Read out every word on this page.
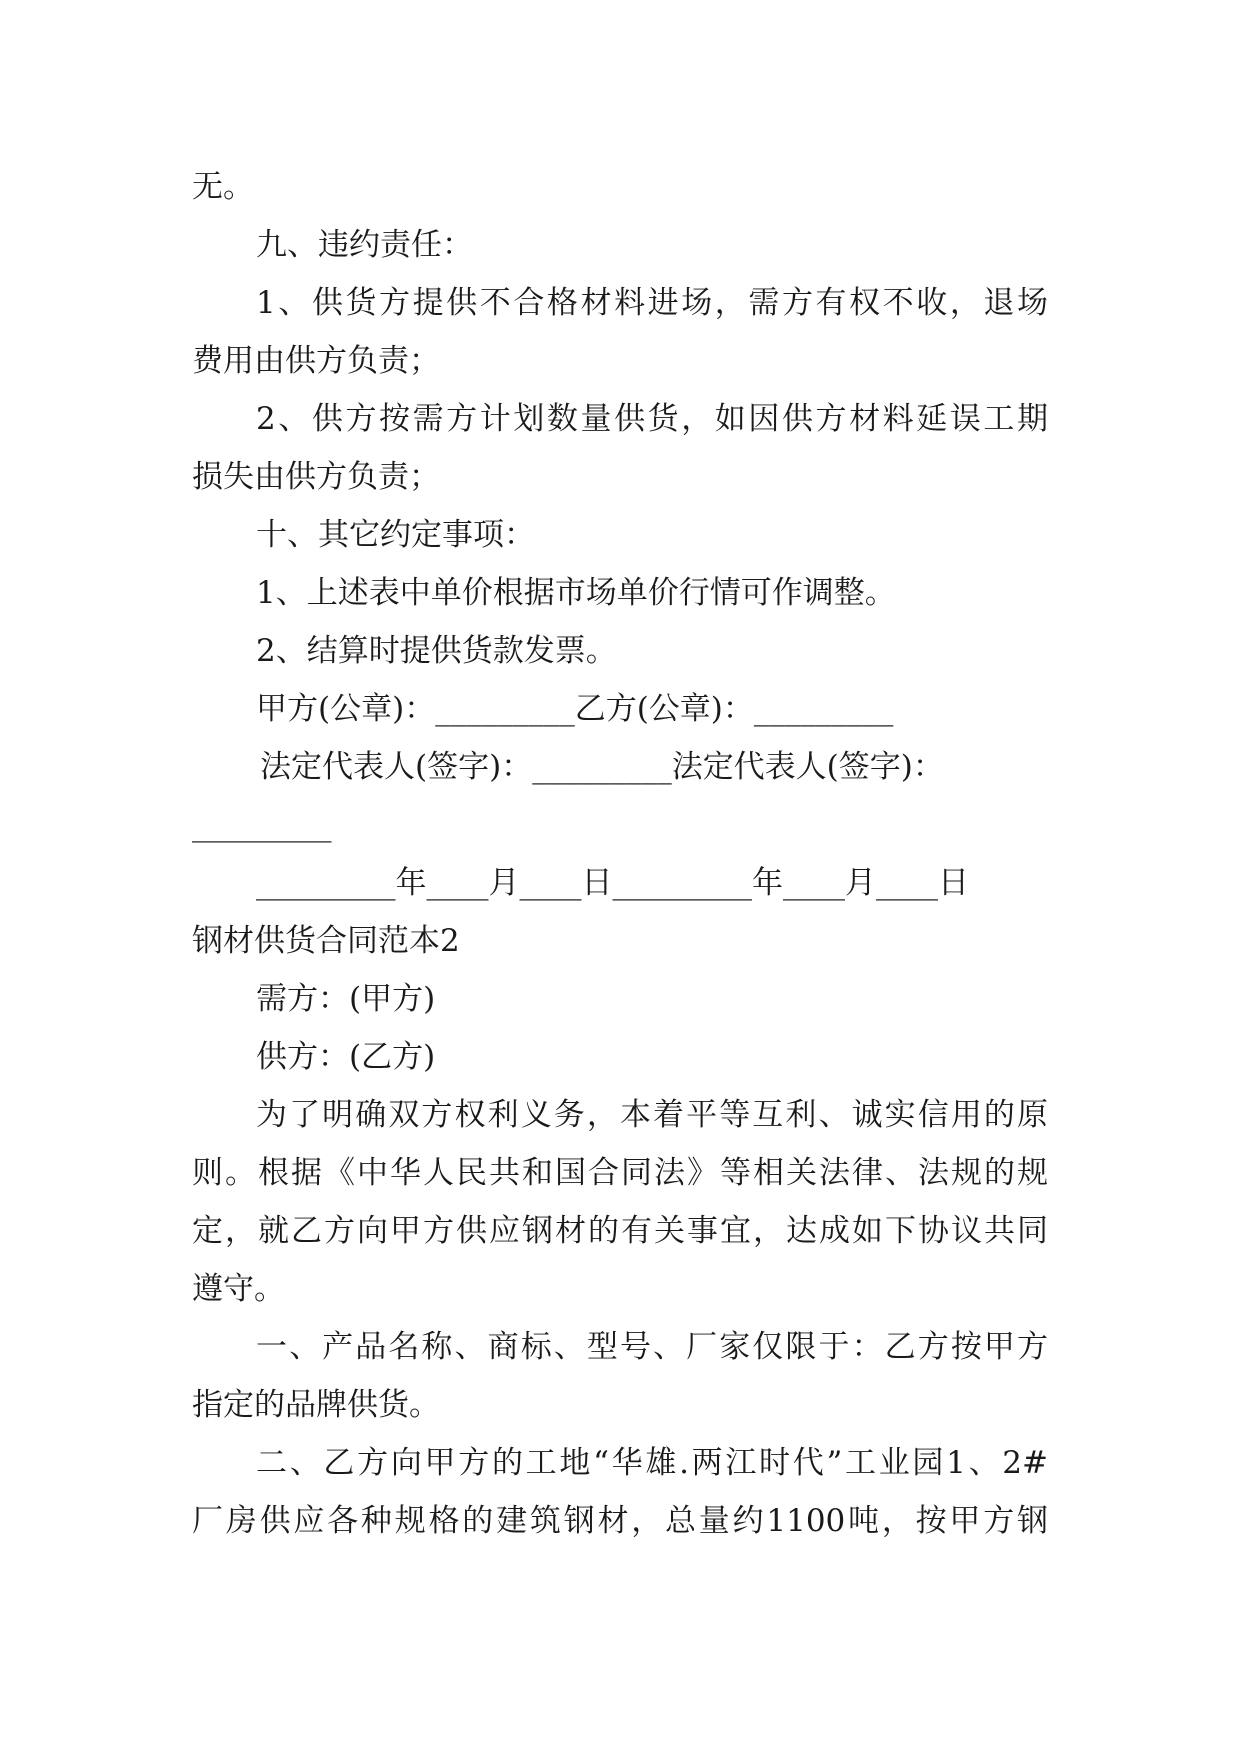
无。

九、违约责任：

1、供货方提供不合格材料进场，需方有权不收，退场

费用由供方负责；

2、供方按需方计划数量供货，如因供方材料延误工期

损失由供方负责；

十、其它约定事项：

1、上述表中单价根据市场单价行情可作调整。

2、结算时提供货款发票。

甲方(公章)：_________乙方(公章)：_________

法定代表人(签字)：_________法定代表人(签字)：

_________

_________年____月____日_________年____月____日

钢材供货合同范本2

需方：(甲方)

供方：(乙方)

为了明确双方权利义务，本着平等互利、诚实信用的原

则。根据《中华人民共和国合同法》等相关法律、法规的规

定，就乙方向甲方供应钢材的有关事宜，达成如下协议共同

遵守。

一、产品名称、商标、型号、厂家仅限于：乙方按甲方

指定的品牌供货。

二、乙方向甲方的工地“华雄.两江时代”工业园1、2#

厂房供应各种规格的建筑钢材，总量约1100吨，按甲方钢
